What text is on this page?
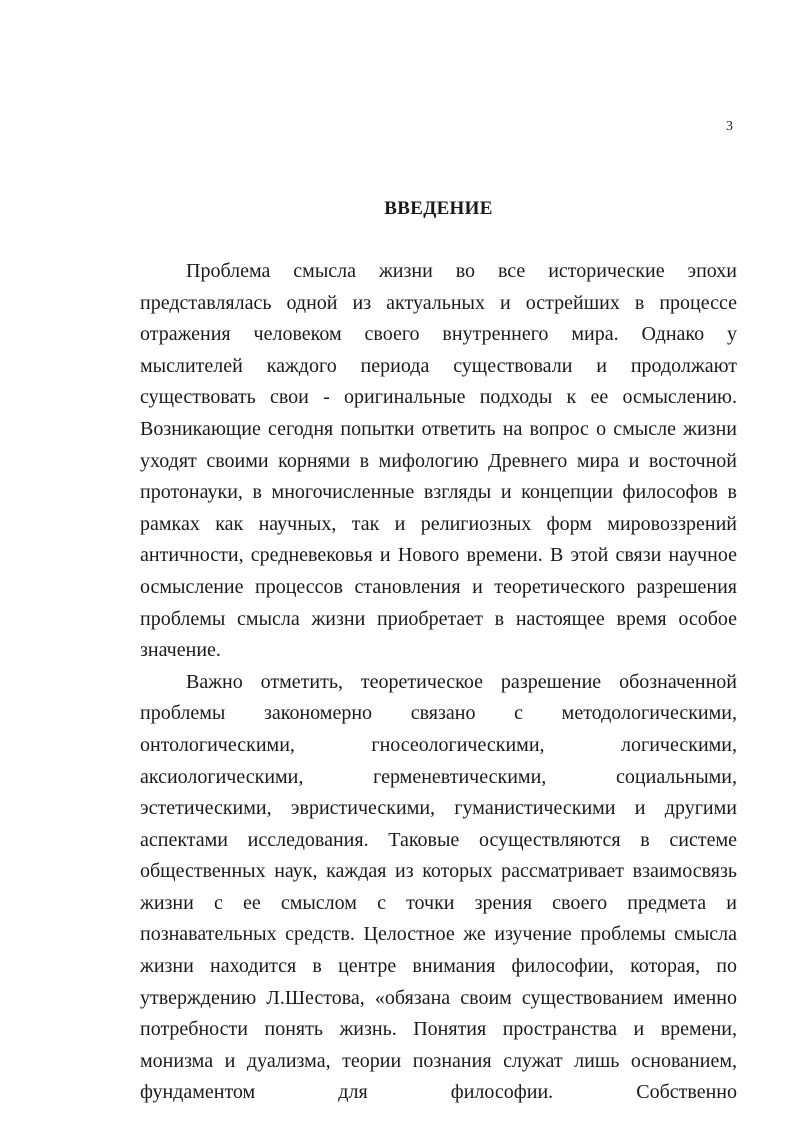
3
ВВЕДЕНИЕ

Проблема смысла жизни во все исторические эпохи представлялась одной из актуальных и острейших в процессе отражения человеком своего внутреннего мира. Однако у мыслителей каждого периода существовали и продолжают существовать свои - оригинальные подходы к ее осмыслению. Возникающие сегодня попытки ответить на вопрос о смысле жизни уходят своими корнями в мифологию Древнего мира и восточной протонауки, в многочисленные взгляды и концепции философов в рамках как научных, так и религиозных форм мировоззрений античности, средневековья и Нового времени. В этой связи научное осмысление процессов становления и теоретического разрешения проблемы смысла жизни приобретает в настоящее время особое значение.

Важно отметить, теоретическое разрешение обозначенной проблемы закономерно связано с методологическими, онтологическими, гносеологическими, логическими, аксиологическими, герменевтическими, социальными, эстетическими, эвристическими, гуманистическими и другими аспектами исследования. Таковые осуществляются в системе общественных наук, каждая из которых рассматривает взаимосвязь жизни с ее смыслом с точки зрения своего предмета и познавательных средств. Целостное же изучение проблемы смысла жизни находится в центре внимания философии, которая, по утверждению Л.Шестова, «обязана своим существованием именно потребности понять жизнь. Понятия пространства и времени, монизма и дуализма, теории познания служат лишь основанием, фундаментом для философии. Собственно
